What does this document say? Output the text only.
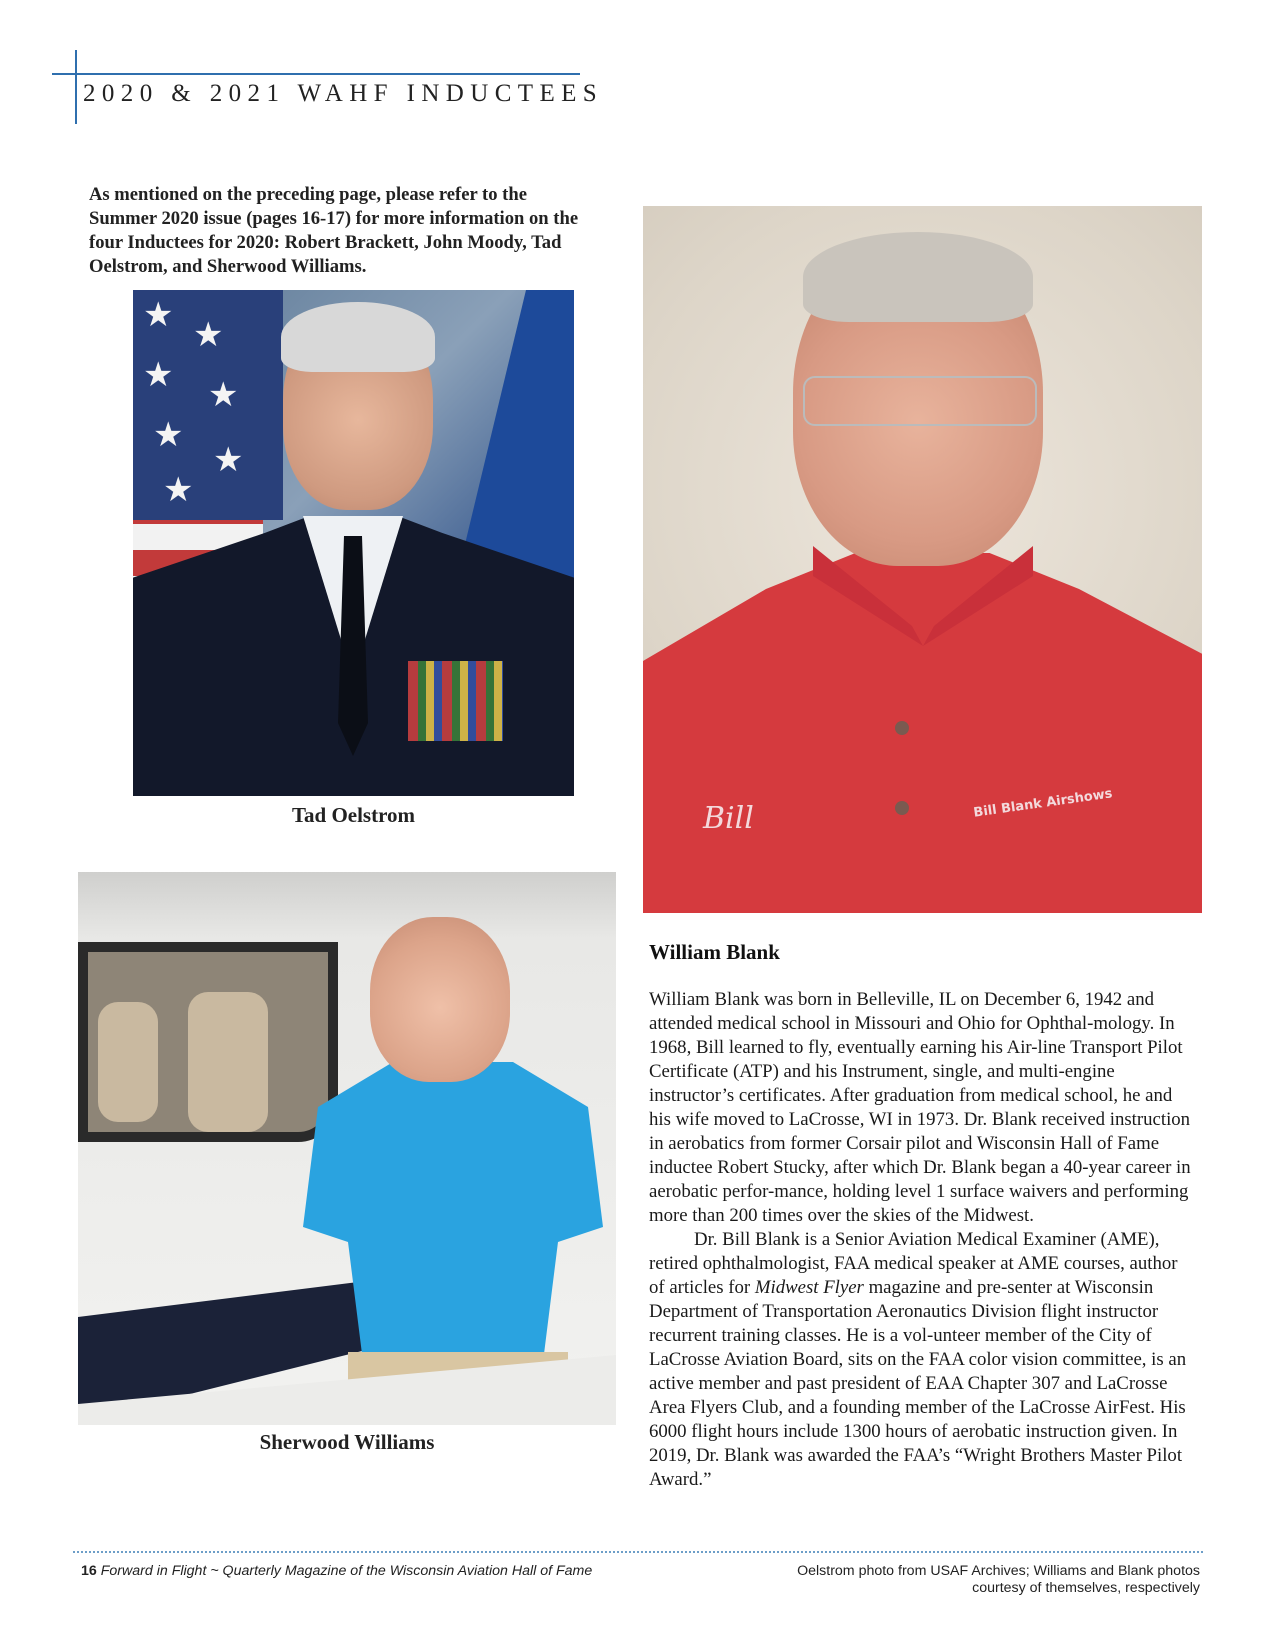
2020 & 2021 WAHF INDUCTEES
As mentioned on the preceding page, please refer to the Summer 2020 issue (pages 16-17) for more information on the four Inductees for 2020: Robert Brackett, John Moody, Tad Oelstrom, and Sherwood Williams.
★ ★
★ ★
★
★
★
Tad Oelstrom	Bill	Bill Blank Airshows
Sherwood Williams
William Blank

William Blank was born in Belleville, IL on December 6, 1942 and attended medical school in Missouri and Ohio for Ophthal-mology. In 1968, Bill learned to fly, eventually earning his Air-line Transport Pilot Certificate (ATP) and his Instrument, single, and multi-engine instructor’s certificates. After graduation from medical school, he and his wife moved to LaCrosse, WI in 1973. Dr. Blank received instruction in aerobatics from former Corsair pilot and Wisconsin Hall of Fame inductee Robert Stucky, after which Dr. Blank began a 40-year career in aerobatic perfor-mance, holding level 1 surface waivers and performing more than 200 times over the skies of the Midwest.

Dr. Bill Blank is a Senior Aviation Medical Examiner (AME), retired ophthalmologist, FAA medical speaker at AME courses, author of articles for Midwest Flyer magazine and pre-senter at Wisconsin Department of Transportation Aeronautics Division flight instructor recurrent training classes. He is a vol-unteer member of the City of LaCrosse Aviation Board, sits on the FAA color vision committee, is an active member and past president of EAA Chapter 307 and LaCrosse Area Flyers Club, and a founding member of the LaCrosse AirFest. His 6000 flight hours include 1300 hours of aerobatic instruction given. In 2019, Dr. Blank was awarded the FAA’s “Wright Brothers Master Pilot Award.”

16 Forward in Flight ~ Quarterly Magazine of the Wisconsin Aviation Hall of Fame	Oelstrom photo from USAF Archives; Williams and Blank photos
courtesy of themselves, respectively
